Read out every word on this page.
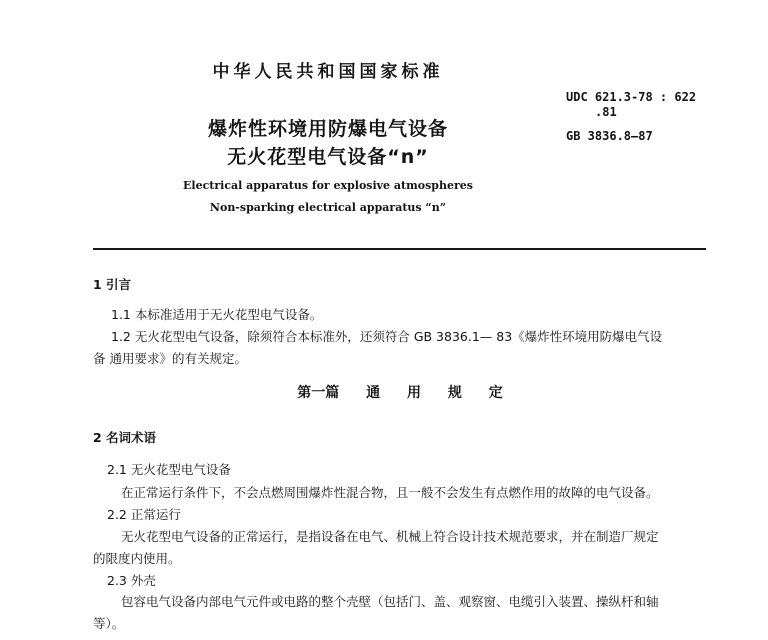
中华人民共和国国家标准
爆炸性环境用防爆电气设备
无火花型电气设备“n”
Electrical apparatus for explosive atmospheres
Non-sparking electrical apparatus “n”
UDC 621.3-78 : 622
.81
GB 3836.8—87
1 引言
1.1 本标准适用于无火花型电气设备。
1.2 无火花型电气设备，除须符合本标准外，还须符合 GB 3836.1— 83《爆炸性环境用防爆电气设
备 通用要求》的有关规定。
第一篇 通 用 规 定
2 名词术语
2.1 无火花型电气设备
在正常运行条件下，不会点燃周围爆炸性混合物，且一般不会发生有点燃作用的故障的电气设备。
2.2 正常运行
无火花型电气设备的正常运行，是指设备在电气、机械上符合设计技术规范要求，并在制造厂规定
的限度内使用。
2.3 外壳
包容电气设备内部电气元件或电路的整个壳壁（包括门、盖、观察窗、电缆引入装置、操纵杆和轴
等）。
